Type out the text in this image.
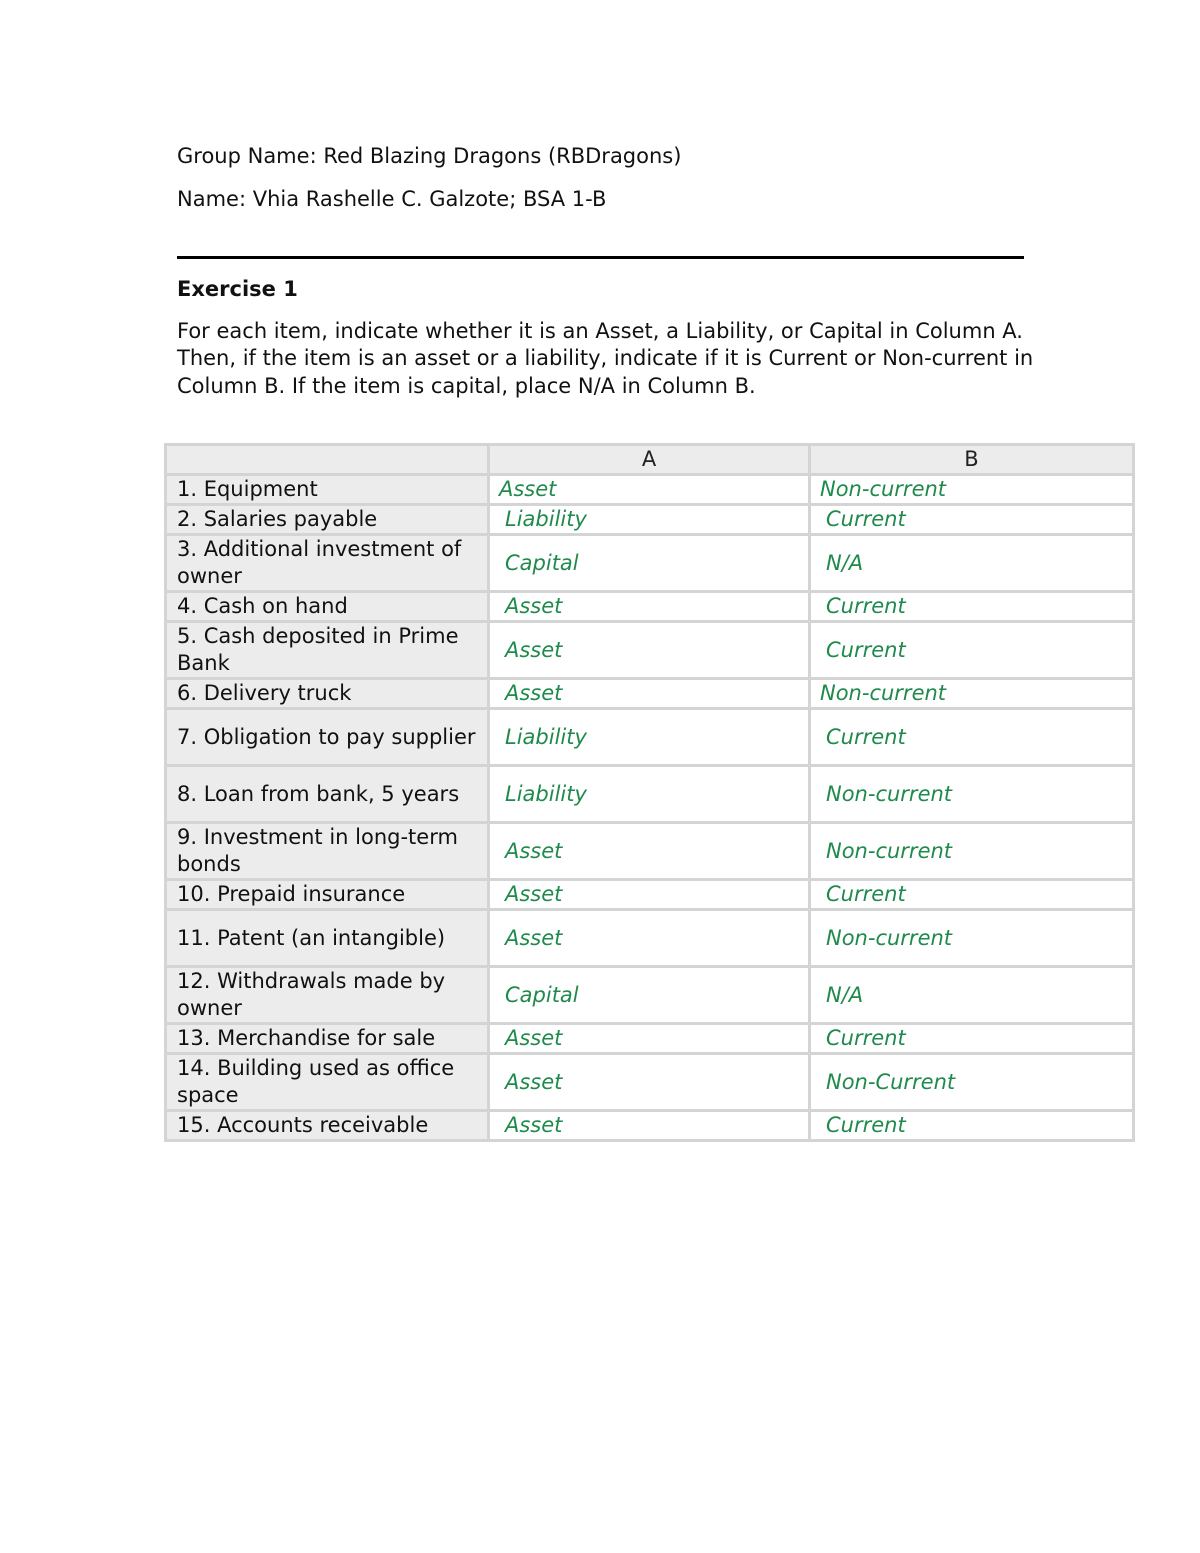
Group Name: Red Blazing Dragons (RBDragons)
Name: Vhia Rashelle C. Galzote; BSA 1-B
Exercise 1
For each item, indicate whether it is an Asset, a Liability, or Capital in Column A. Then, if the item is an asset or a liability, indicate if it is Current or Non-current in Column B. If the item is capital, place N/A in Column B.
	A	B
1. Equipment	Asset	Non-current
2. Salaries payable	Liability	Current
3. Additional investment of owner	Capital	N/A
4. Cash on hand	Asset	Current
5. Cash deposited in Prime Bank	Asset	Current
6. Delivery truck	Asset	Non-current
7. Obligation to pay supplier	Liability	Current
8. Loan from bank, 5 years	Liability	Non-current
9. Investment in long-term bonds	Asset	Non-current
10. Prepaid insurance	Asset	Current
11. Patent (an intangible)	Asset	Non-current
12. Withdrawals made by owner	Capital	N/A
13. Merchandise for sale	Asset	Current
14. Building used as office space	Asset	Non-Current
15. Accounts receivable	Asset	Current
